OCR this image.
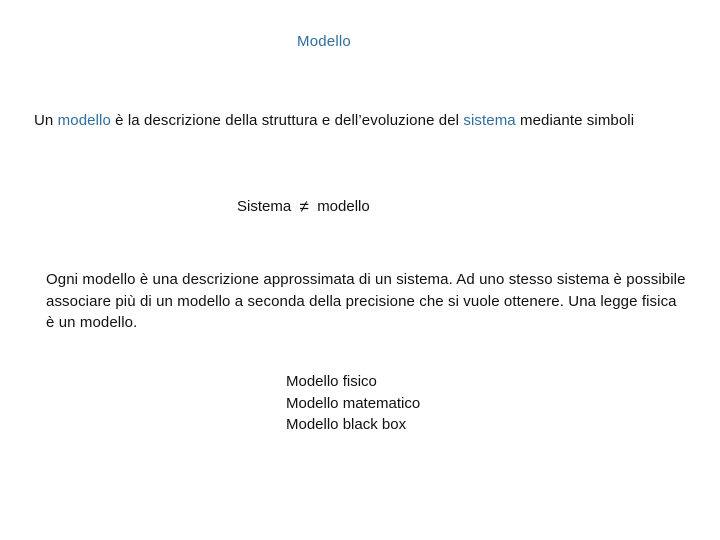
Modello
Un modello è la descrizione della struttura e dell’evoluzione del sistema mediante simboli
Sistema ≠ modello

Ogni modello è una descrizione approssimata di un sistema. Ad uno stesso sistema è possibile associare più di un modello a seconda della precisione che si vuole ottenere. Una legge fisica è un modello.

Modello fisico
Modello matematico
Modello black box
